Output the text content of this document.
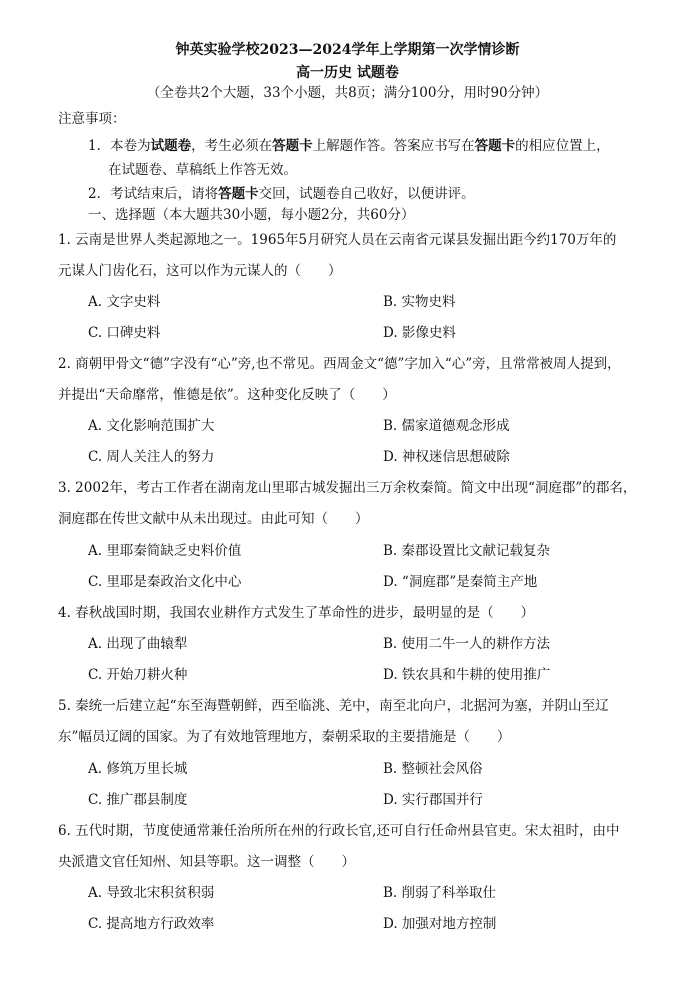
钟英实验学校2023—2024学年上学期第一次学情诊断
高一历史 试题卷
（全卷共2个大题，33个小题，共8页；满分100分，用时90分钟）
注意事项：
1．本卷为试题卷，考生必须在答题卡上解题作答。答案应书写在答题卡的相应位置上，
在试题卷、草稿纸上作答无效。
2．考试结束后，请将答题卡交回，试题卷自己收好，以便讲评。
一、选择题（本大题共30小题，每小题2分，共60分）
1. 云南是世界人类起源地之一。1965年5月研究人员在云南省元谋县发掘出距今约170万年的
元谋人门齿化石，这可以作为元谋人的（　　）
A. 文字史料	B. 实物史料
C. 口碑史料	D. 影像史料
2. 商朝甲骨文“德”字没有“心”旁,也不常见。西周金文“德”字加入“心”旁，且常常被周人提到，
并提出“天命靡常，惟德是依”。这种变化反映了（　　）
A. 文化影响范围扩大	B. 儒家道德观念形成
C. 周人关注人的努力	D. 神权迷信思想破除
3. 2002年，考古工作者在湖南龙山里耶古城发掘出三万余枚秦简。简文中出现“洞庭郡”的郡名，
洞庭郡在传世文献中从未出现过。由此可知（　　）
A. 里耶秦简缺乏史料价值	B. 秦郡设置比文献记载复杂
C. 里耶是秦政治文化中心	D. “洞庭郡”是秦简主产地
4. 春秋战国时期，我国农业耕作方式发生了革命性的进步，最明显的是（　　）
A. 出现了曲辕犁	B. 使用二牛一人的耕作方法
C. 开始刀耕火种	D. 铁农具和牛耕的使用推广
5. 秦统一后建立起“东至海暨朝鲜，西至临洮、羌中，南至北向户，北据河为塞，并阴山至辽
东”幅员辽阔的国家。为了有效地管理地方，秦朝采取的主要措施是（　　）
A. 修筑万里长城	B. 整顿社会风俗
C. 推广郡县制度	D. 实行郡国并行
6. 五代时期，节度使通常兼任治所所在州的行政长官,还可自行任命州县官吏。宋太祖时，由中
央派遣文官任知州、知县等职。这一调整（　　）
A. 导致北宋积贫积弱	B. 削弱了科举取仕
C. 提高地方行政效率	D. 加强对地方控制
